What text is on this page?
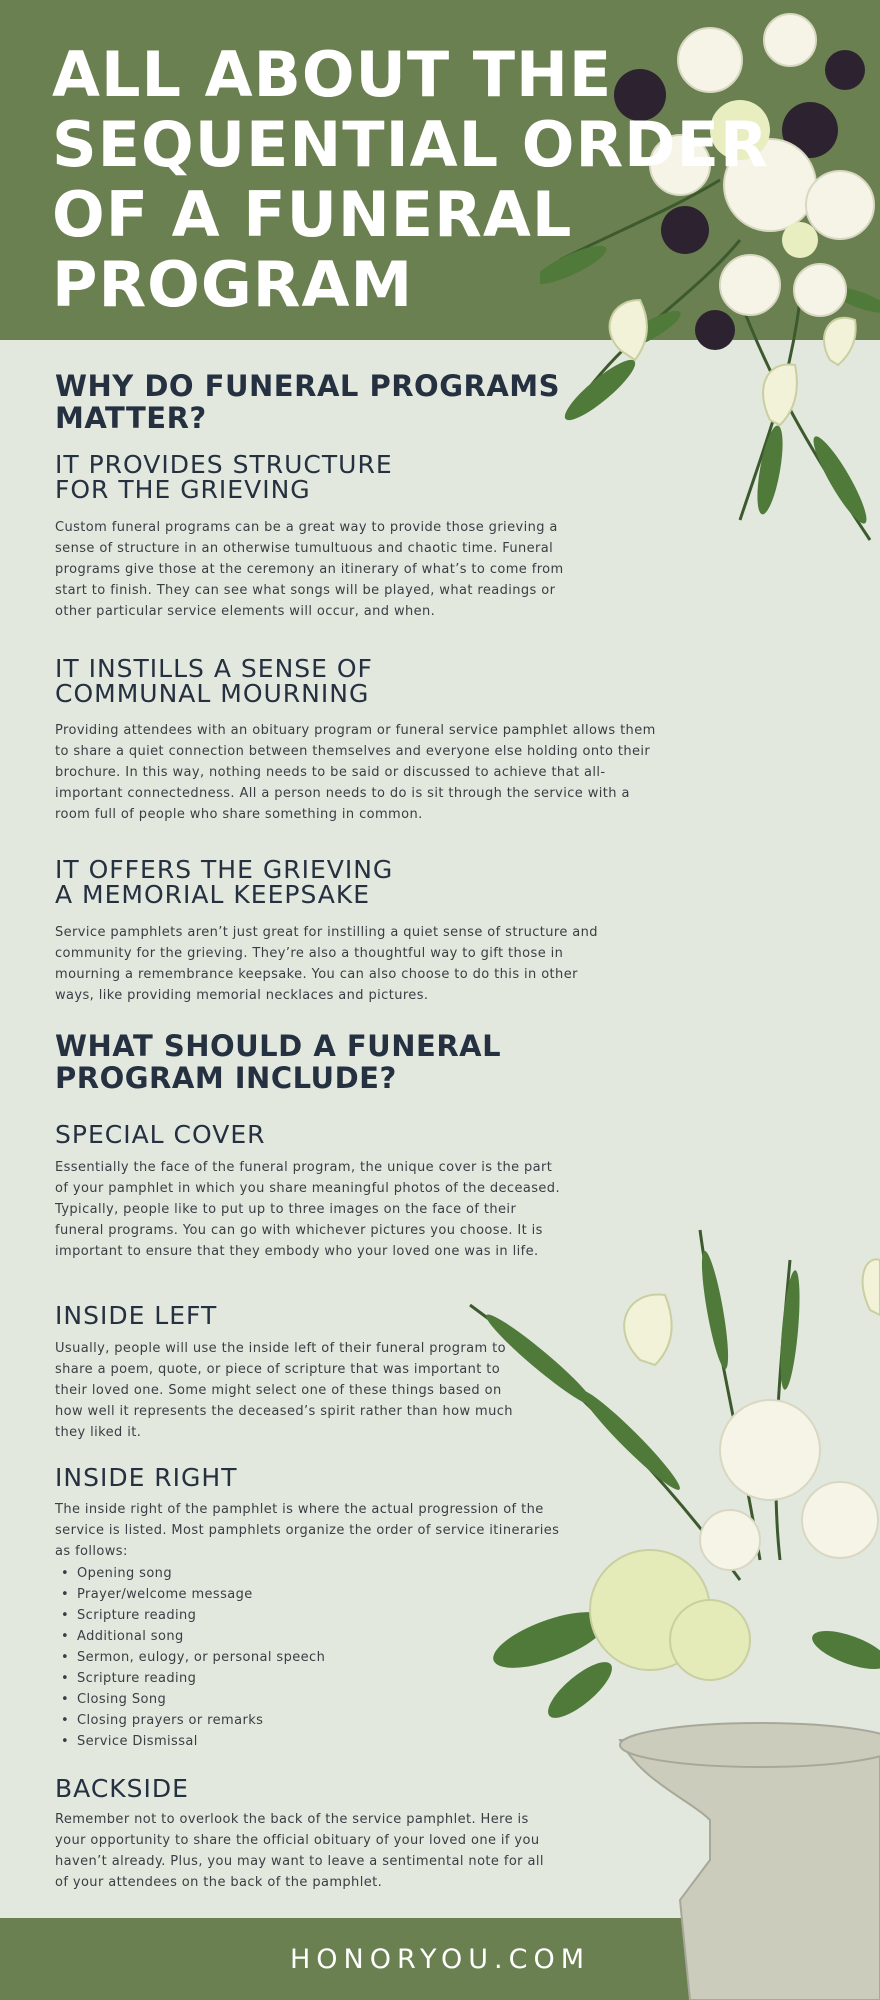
ALL ABOUT THE SEQUENTIAL ORDER OF A FUNERAL PROGRAM
WHY DO FUNERAL PROGRAMS MATTER?
IT PROVIDES STRUCTURE FOR THE GRIEVING

Custom funeral programs can be a great way to provide those grieving a sense of structure in an otherwise tumultuous and chaotic time. Funeral programs give those at the ceremony an itinerary of what’s to come from start to finish. They can see what songs will be played, what readings or other particular service elements will occur, and when.

IT INSTILLS A SENSE OF COMMUNAL MOURNING

Providing attendees with an obituary program or funeral service pamphlet allows them to share a quiet connection between themselves and everyone else holding onto their brochure. In this way, nothing needs to be said or discussed to achieve that all-important connectedness. All a person needs to do is sit through the service with a room full of people who share something in common.

IT OFFERS THE GRIEVING A MEMORIAL KEEPSAKE

Service pamphlets aren’t just great for instilling a quiet sense of structure and community for the grieving. They’re also a thoughtful way to gift those in mourning a remembrance keepsake. You can also choose to do this in other ways, like providing memorial necklaces and pictures.

WHAT SHOULD A FUNERAL PROGRAM INCLUDE?
SPECIAL COVER

Essentially the face of the funeral program, the unique cover is the part of your pamphlet in which you share meaningful photos of the deceased. Typically, people like to put up to three images on the face of their funeral programs. You can go with whichever pictures you choose. It is important to ensure that they embody who your loved one was in life.

INSIDE LEFT

Usually, people will use the inside left of their funeral program to share a poem, quote, or piece of scripture that was important to their loved one. Some might select one of these things based on how well it represents the deceased’s spirit rather than how much they liked it.

INSIDE RIGHT

The inside right of the pamphlet is where the actual progression of the service is listed. Most pamphlets organize the order of service itineraries as follows:

• Opening song
• Prayer/welcome message
• Scripture reading
• Additional song
• Sermon, eulogy, or personal speech
• Scripture reading
• Closing Song
• Closing prayers or remarks
• Service Dismissal
BACKSIDE

Remember not to overlook the back of the service pamphlet. Here is your opportunity to share the official obituary of your loved one if you haven’t already. Plus, you may want to leave a sentimental note for all of your attendees on the back of the pamphlet.

HONORYOU.COM
